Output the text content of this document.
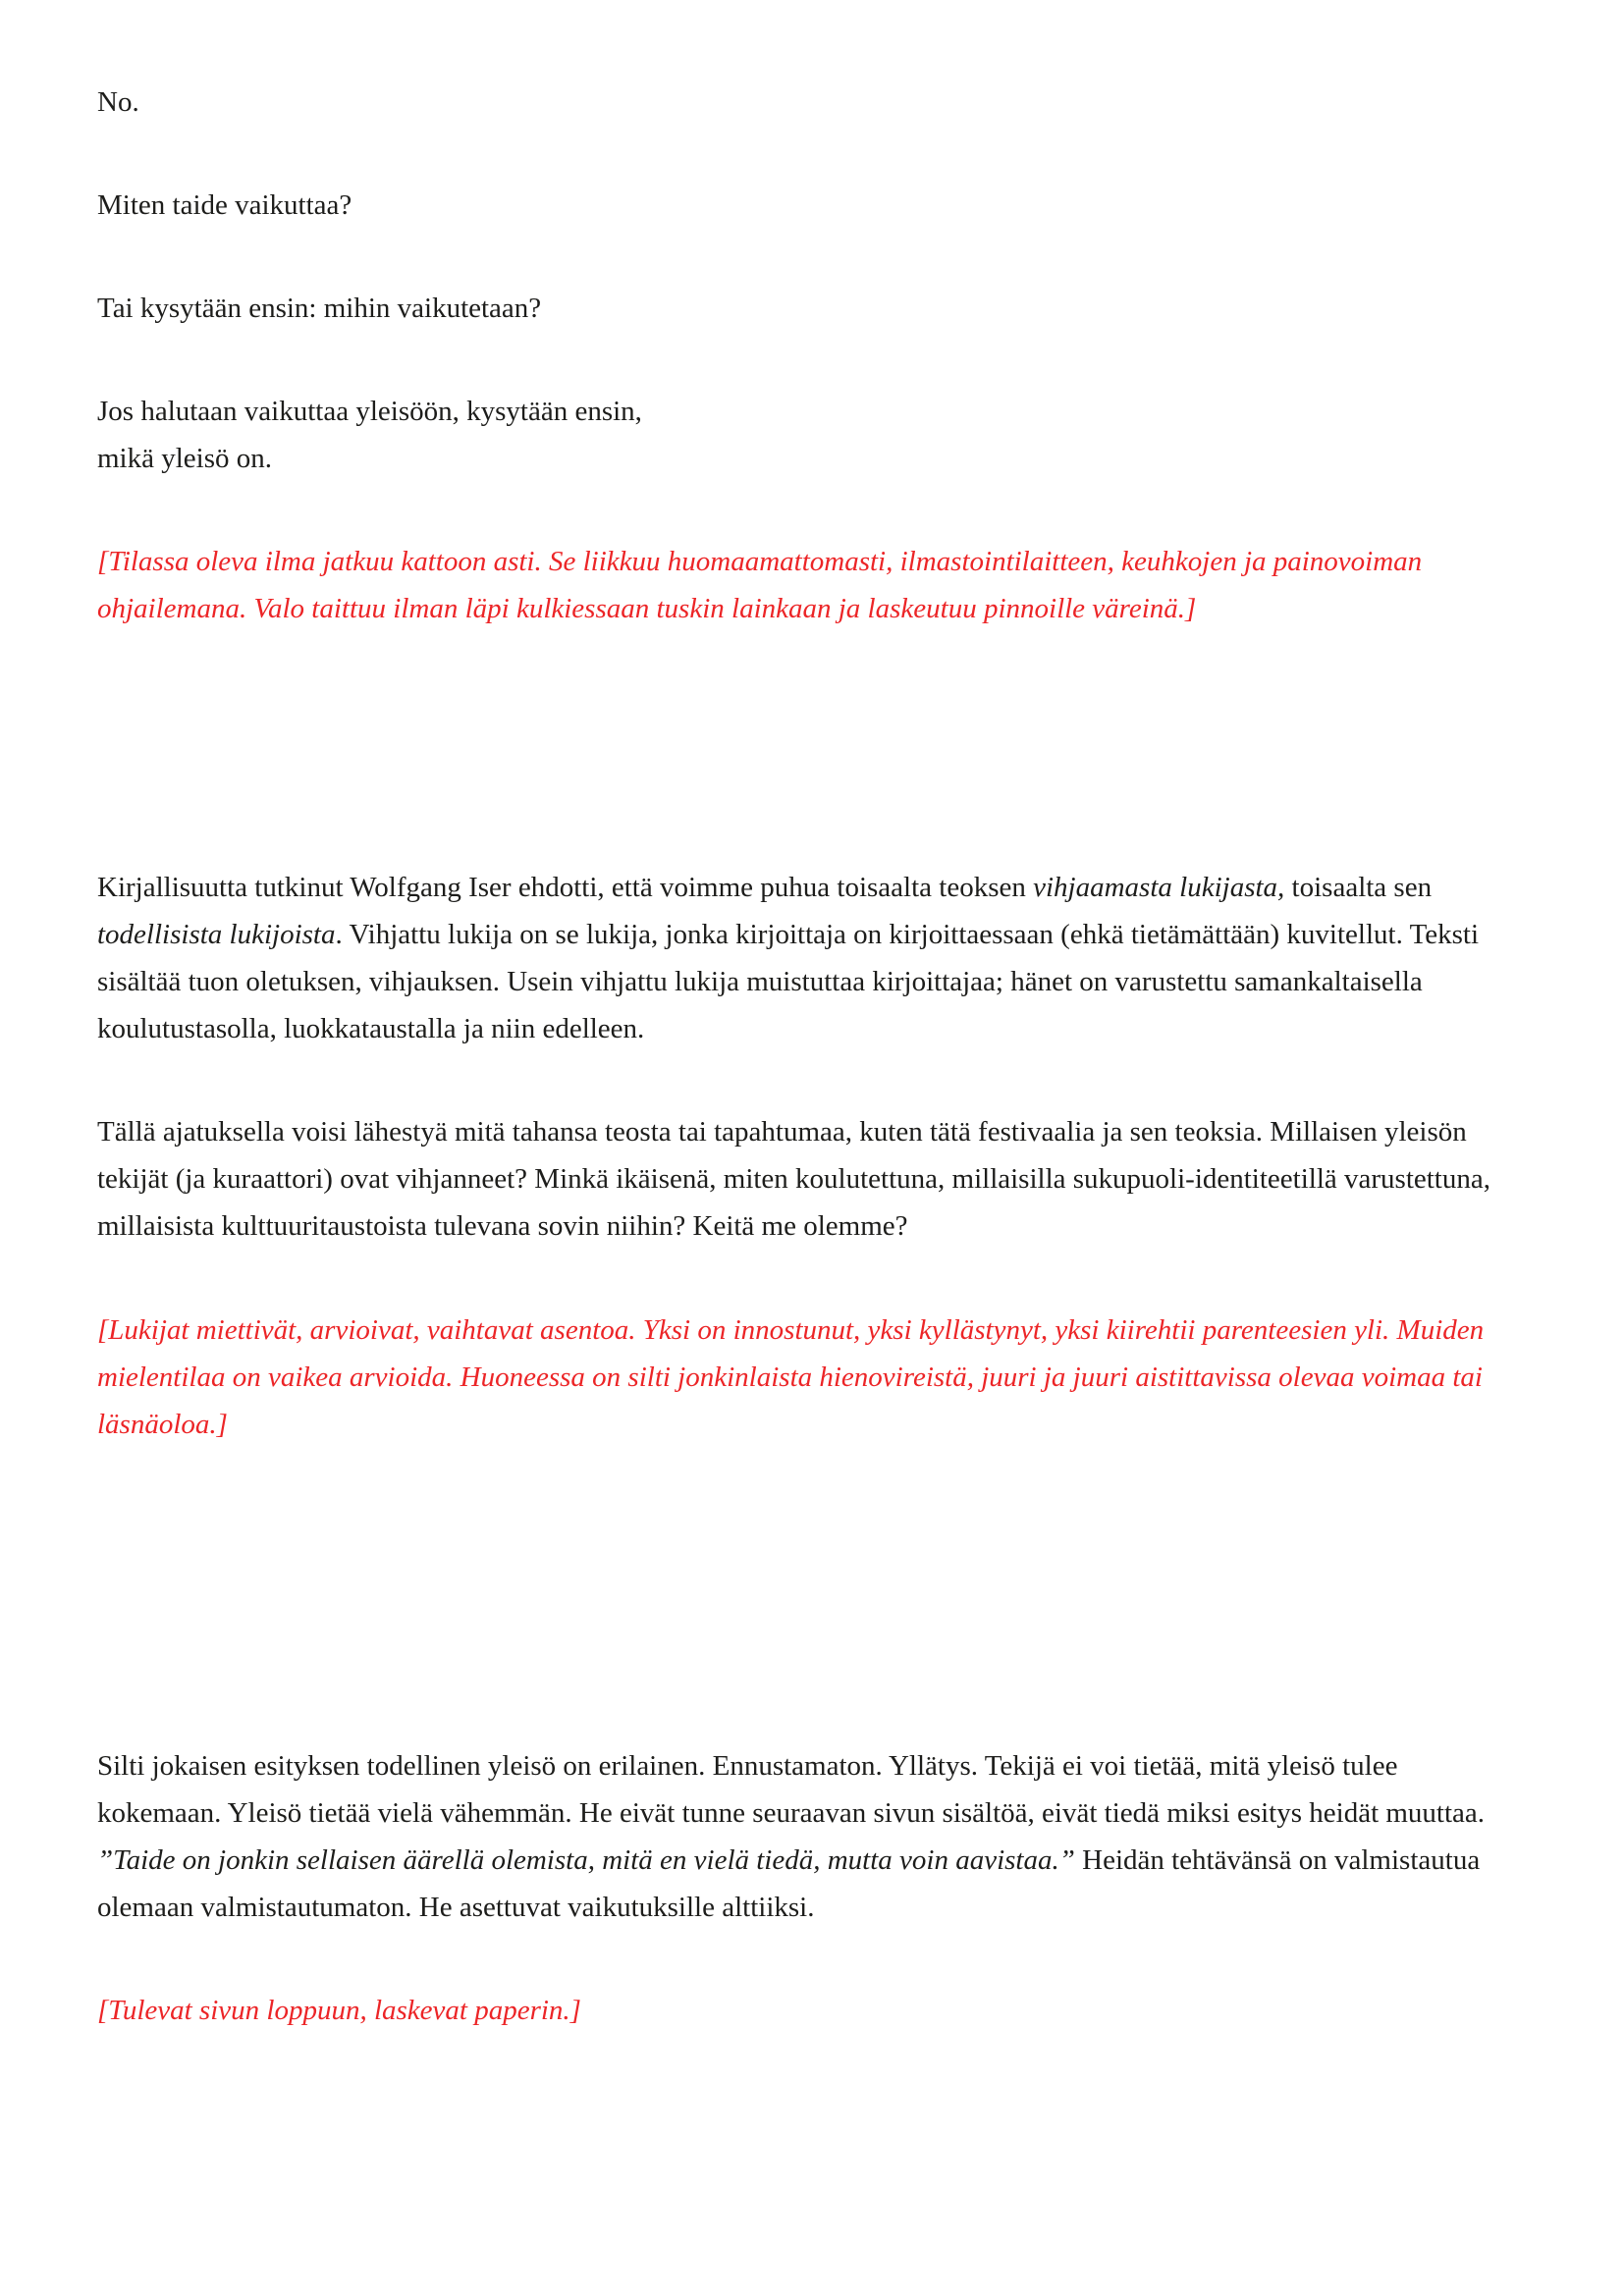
No.

Miten taide vaikuttaa?

Tai kysytään ensin: mihin vaikutetaan?

Jos halutaan vaikuttaa yleisöön, kysytään ensin,
mikä yleisö on.

[Tilassa oleva ilma jatkuu kattoon asti. Se liikkuu huomaamattomasti, ilmastointilaitteen, keuhkojen ja painovoiman ohjailemana. Valo taittuu ilman läpi kulkiessaan tuskin lainkaan ja laskeutuu pinnoille väreinä.]

Kirjallisuutta tutkinut Wolfgang Iser ehdotti, että voimme puhua toisaalta teoksen vihjaamasta lukijasta, toisaalta sen todellisista lukijoista. Vihjattu lukija on se lukija, jonka kirjoittaja on kirjoittaessaan (ehkä tietämättään) kuvitellut. Teksti sisältää tuon oletuksen, vihjauksen. Usein vihjattu lukija muistuttaa kirjoittajaa; hänet on varustettu samankaltaisella koulutustasolla, luokkataustalla ja niin edelleen.

Tällä ajatuksella voisi lähestyä mitä tahansa teosta tai tapahtumaa, kuten tätä festivaalia ja sen teoksia. Millaisen yleisön tekijät (ja kuraattori) ovat vihjanneet? Minkä ikäisenä, miten koulutettuna, millaisilla sukupuoli-identiteetillä varustettuna, millaisista kulttuuritaustoista tulevana sovin niihin? Keitä me olemme?

[Lukijat miettivät, arvioivat, vaihtavat asentoa. Yksi on innostunut, yksi kyllästynyt, yksi kiirehtii parenteesien yli. Muiden mielentilaa on vaikea arvioida. Huoneessa on silti jonkinlaista hienovireistä, juuri ja juuri aistittavissa olevaa voimaa tai läsnäoloa.]

Silti jokaisen esityksen todellinen yleisö on erilainen. Ennustamaton. Yllätys. Tekijä ei voi tietää, mitä yleisö tulee kokemaan. Yleisö tietää vielä vähemmän. He eivät tunne seuraavan sivun sisältöä, eivät tiedä miksi esitys heidät muuttaa. ”Taide on jonkin sellaisen äärellä olemista, mitä en vielä tiedä, mutta voin aavistaa.” Heidän tehtävänsä on valmistautua olemaan valmistautumaton. He asettuvat vaikutuksille alttiiksi.

[Tulevat sivun loppuun, laskevat paperin.]
